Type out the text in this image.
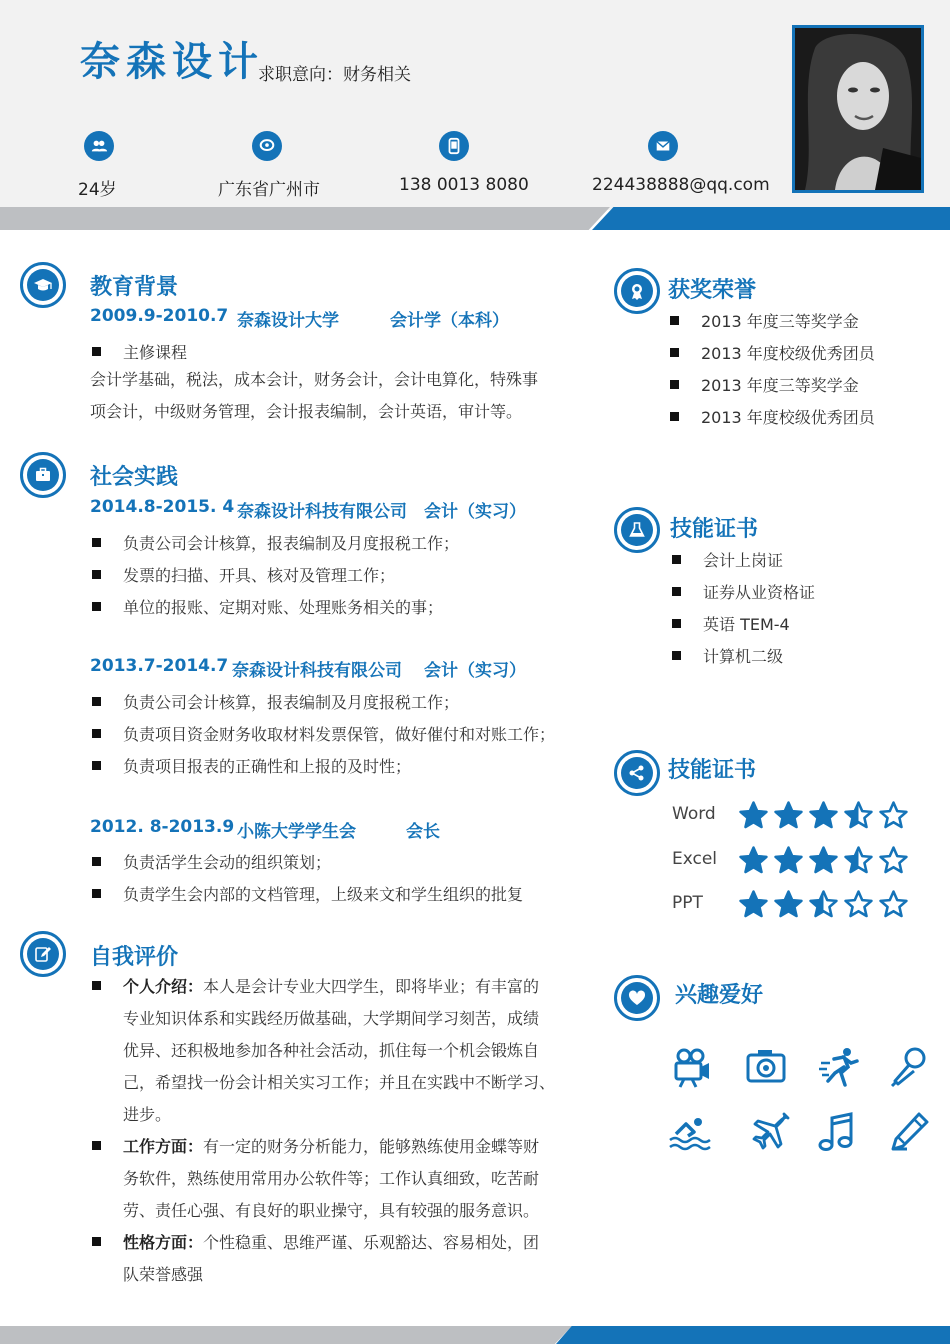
奈森设计
求职意向：财务相关
24岁	广东省广州市	138 0013 8080	224438888@qq.com
教育背景
2009.9-2010.7 奈森设计大学	会计学（本科）
主修课程
会计学基础，税法，成本会计，财务会计，会计电算化，特殊事
项会计，中级财务管理，会计报表编制，会计英语，审计等。
社会实践
2014.8-2015. 4 奈森设计科技有限公司 会计（实习）
负责公司会计核算，报表编制及月度报税工作；
发票的扫描、开具、核对及管理工作；
单位的报账、定期对账、处理账务相关的事；
2013.7-2014.7 奈森设计科技有限公司 会计（实习）
负责公司会计核算，报表编制及月度报税工作；
负责项目资金财务收取材料发票保管，做好催付和对账工作；
负责项目报表的正确性和上报的及时性；
2012. 8-2013.9 小陈大学学生会	会长
负责活学生会动的组织策划；
负责学生会内部的文档管理，上级来文和学生组织的批复
自我评价
个人介绍：本人是会计专业大四学生，即将毕业；有丰富的
专业知识体系和实践经历做基础，大学期间学习刻苦，成绩
优异、还积极地参加各种社会活动，抓住每一个机会锻炼自
己，希望找一份会计相关实习工作；并且在实践中不断学习、
进步。
工作方面：有一定的财务分析能力，能够熟练使用金蝶等财
务软件，熟练使用常用办公软件等；工作认真细致，吃苦耐
劳、责任心强、有良好的职业操守，具有较强的服务意识。
性格方面：个性稳重、思维严谨、乐观豁达、容易相处，团
队荣誉感强
获奖荣誉
2013 年度三等奖学金
2013 年度校级优秀团员
2013 年度三等奖学金
2013 年度校级优秀团员
技能证书
会计上岗证
证券从业资格证
英语 TEM-4
计算机二级
技能证书
Word
Excel
PPT
兴趣爱好
